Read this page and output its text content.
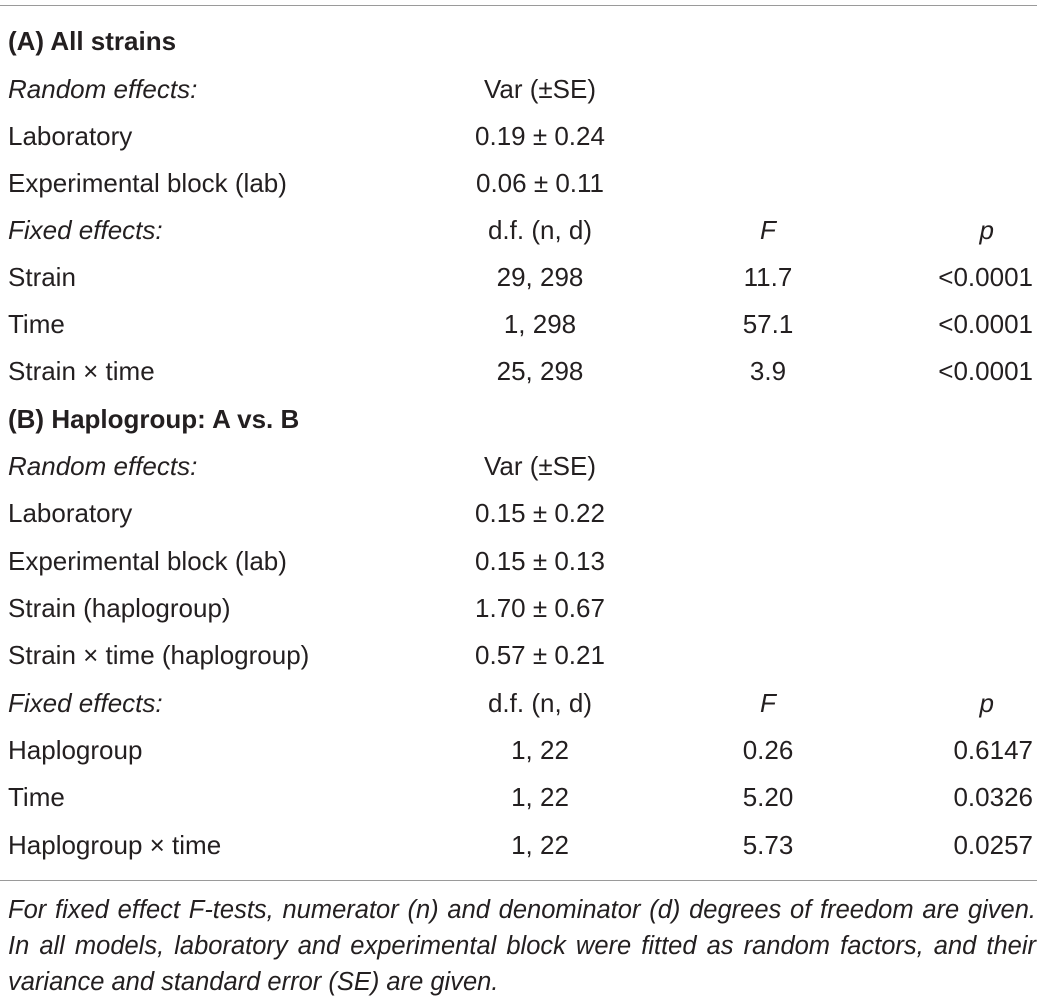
(A) All strains
Random effects:	Var (±SE)
Laboratory	0.19 ± 0.24
Experimental block (lab)	0.06 ± 0.11
Fixed effects:	d.f. (n, d)	F	p
Strain	29, 298	11.7	<0.0001
Time	1, 298	57.1	<0.0001
Strain × time	25, 298	3.9	<0.0001
(B) Haplogroup: A vs. B
Random effects:	Var (±SE)
Laboratory	0.15 ± 0.22
Experimental block (lab)	0.15 ± 0.13
Strain (haplogroup)	1.70 ± 0.67
Strain × time (haplogroup)	0.57 ± 0.21
Fixed effects:	d.f. (n, d)	F	p
Haplogroup	1, 22	0.26	0.6147
Time	1, 22	5.20	0.0326
Haplogroup × time	1, 22	5.73	0.0257
For fixed effect F-tests, numerator (n) and denominator (d) degrees of freedom are given. In all models, laboratory and experimental block were fitted as random factors, and their variance and standard error (SE) are given.
